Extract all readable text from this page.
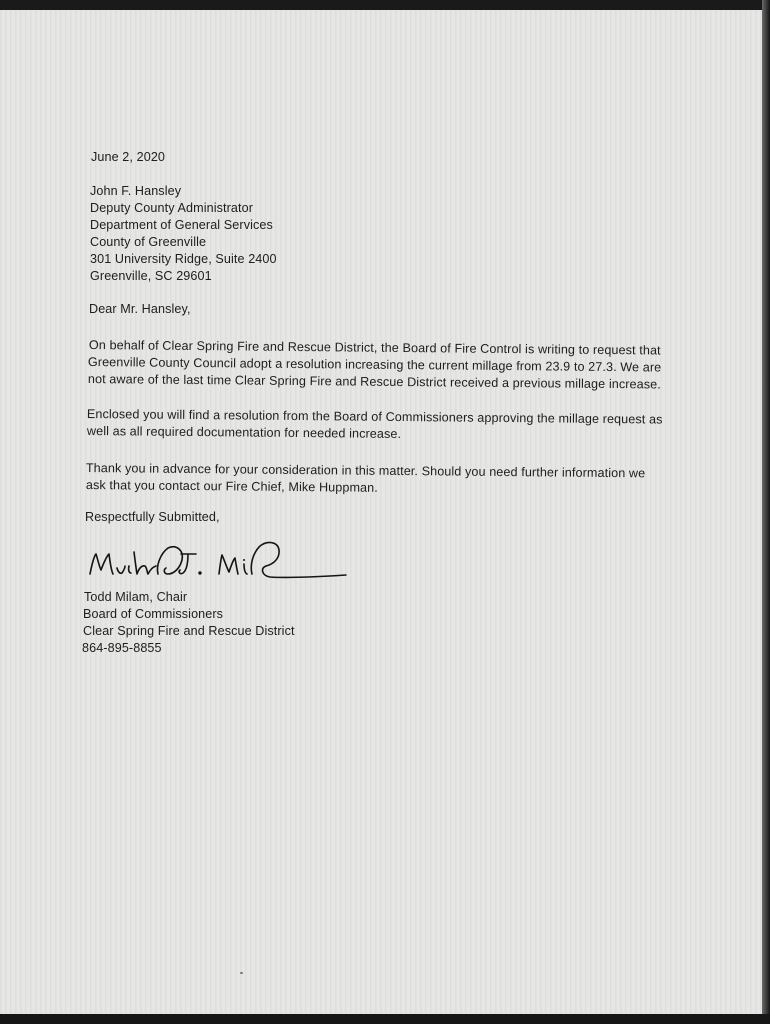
June 2, 2020
John F. Hansley
Deputy County Administrator
Department of General Services
County of Greenville
301 University Ridge, Suite 2400
Greenville, SC 29601
Dear Mr. Hansley,
On behalf of Clear Spring Fire and Rescue District, the Board of Fire Control is writing to request that
Greenville County Council adopt a resolution increasing the current millage from 23.9 to 27.3. We are
not aware of the last time Clear Spring Fire and Rescue District received a previous millage increase.
Enclosed you will find a resolution from the Board of Commissioners approving the millage request as
well as all required documentation for needed increase.
Thank you in advance for your consideration in this matter. Should you need further information we
ask that you contact our Fire Chief, Mike Huppman.
Respectfully Submitted,
Todd Milam, Chair
Board of Commissioners
Clear Spring Fire and Rescue District
864-895-8855
